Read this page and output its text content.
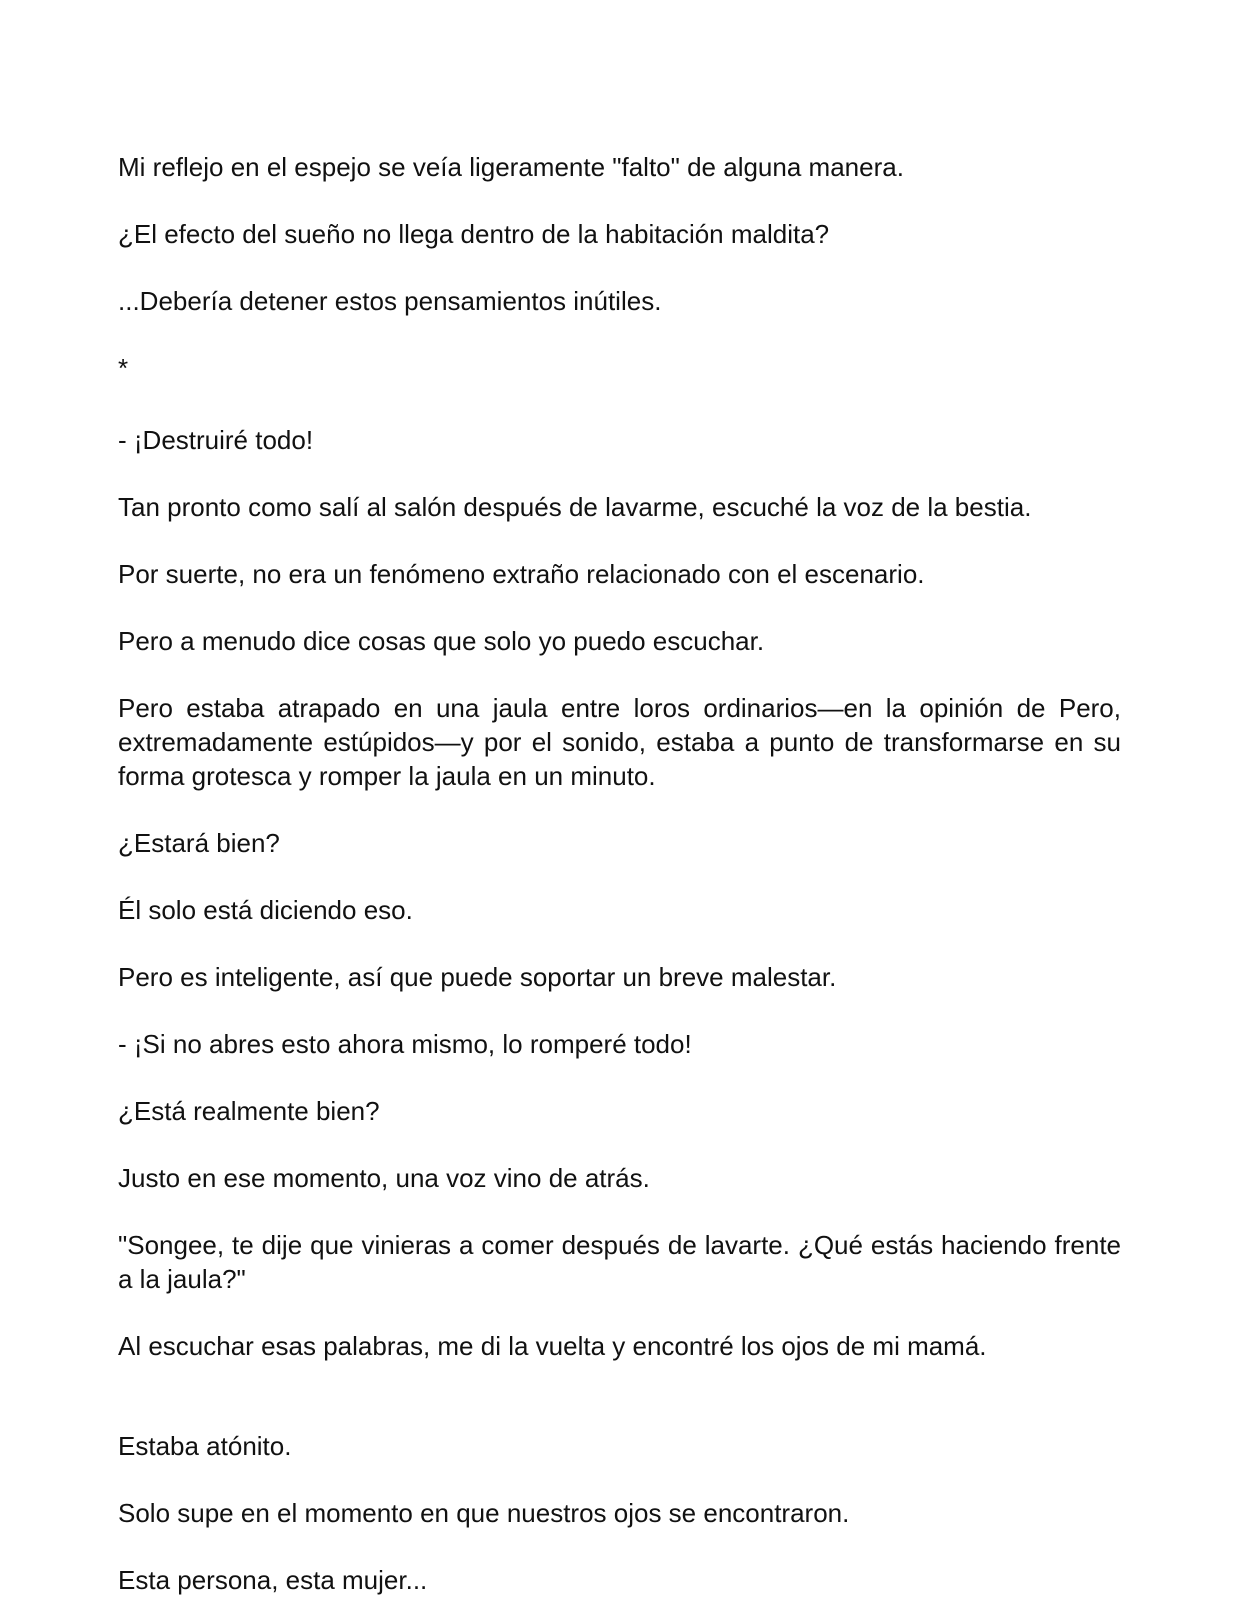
Mi reflejo en el espejo se veía ligeramente "falto" de alguna manera.

¿El efecto del sueño no llega dentro de la habitación maldita?

...Debería detener estos pensamientos inútiles.

*

- ¡Destruiré todo!

Tan pronto como salí al salón después de lavarme, escuché la voz de la bestia.

Por suerte, no era un fenómeno extraño relacionado con el escenario.

Pero a menudo dice cosas que solo yo puedo escuchar.

Pero estaba atrapado en una jaula entre loros ordinarios—en la opinión de Pero, extremadamente estúpidos—y por el sonido, estaba a punto de transformarse en su forma grotesca y romper la jaula en un minuto.

¿Estará bien?

Él solo está diciendo eso.

Pero es inteligente, así que puede soportar un breve malestar.

- ¡Si no abres esto ahora mismo, lo romperé todo!

¿Está realmente bien?

Justo en ese momento, una voz vino de atrás.

"Songee, te dije que vinieras a comer después de lavarte. ¿Qué estás haciendo frente a la jaula?"

Al escuchar esas palabras, me di la vuelta y encontré los ojos de mi mamá.

Estaba atónito.

Solo supe en el momento en que nuestros ojos se encontraron.

Esta persona, esta mujer...
